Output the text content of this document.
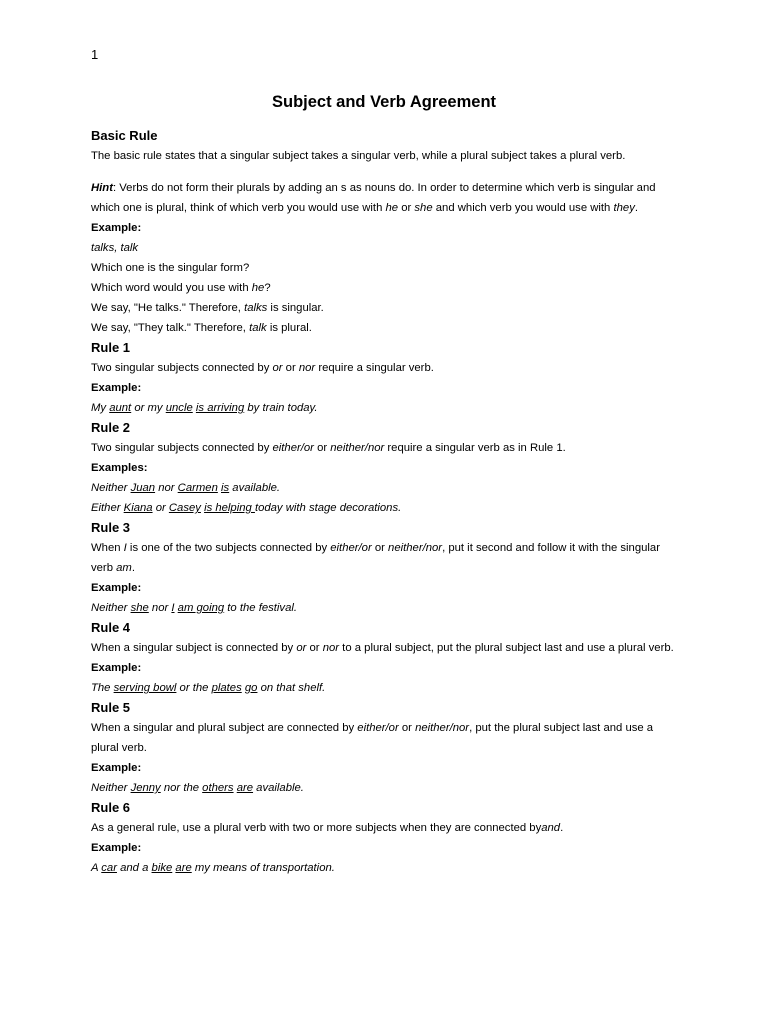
1
Subject and Verb Agreement
Basic Rule

The basic rule states that a singular subject takes a singular verb, while a plural subject takes a plural verb.

Hint: Verbs do not form their plurals by adding an s as nouns do. In order to determine which verb is singular and which one is plural, think of which verb you would use with he or she and which verb you would use with they.

Example:

talks, talk

Which one is the singular form?

Which word would you use with he?

We say, "He talks." Therefore, talks is singular.

We say, "They talk." Therefore, talk is plural.

Rule 1

Two singular subjects connected by or or nor require a singular verb.

Example:

My aunt or my uncle is arriving by train today.

Rule 2

Two singular subjects connected by either/or or neither/nor require a singular verb as in Rule 1.

Examples:

Neither Juan nor Carmen is available.

Either Kiana or Casey is helping today with stage decorations.

Rule 3

When I is one of the two subjects connected by either/or or neither/nor, put it second and follow it with the singular verb am.

Example:

Neither she nor I am going to the festival.

Rule 4

When a singular subject is connected by or or nor to a plural subject, put the plural subject last and use a plural verb.

Example:

The serving bowl or the plates go on that shelf.

Rule 5

When a singular and plural subject are connected by either/or or neither/nor, put the plural subject last and use a plural verb.

Example:

Neither Jenny nor the others are available.

Rule 6

As a general rule, use a plural verb with two or more subjects when they are connected byand.

Example:

A car and a bike are my means of transportation.
